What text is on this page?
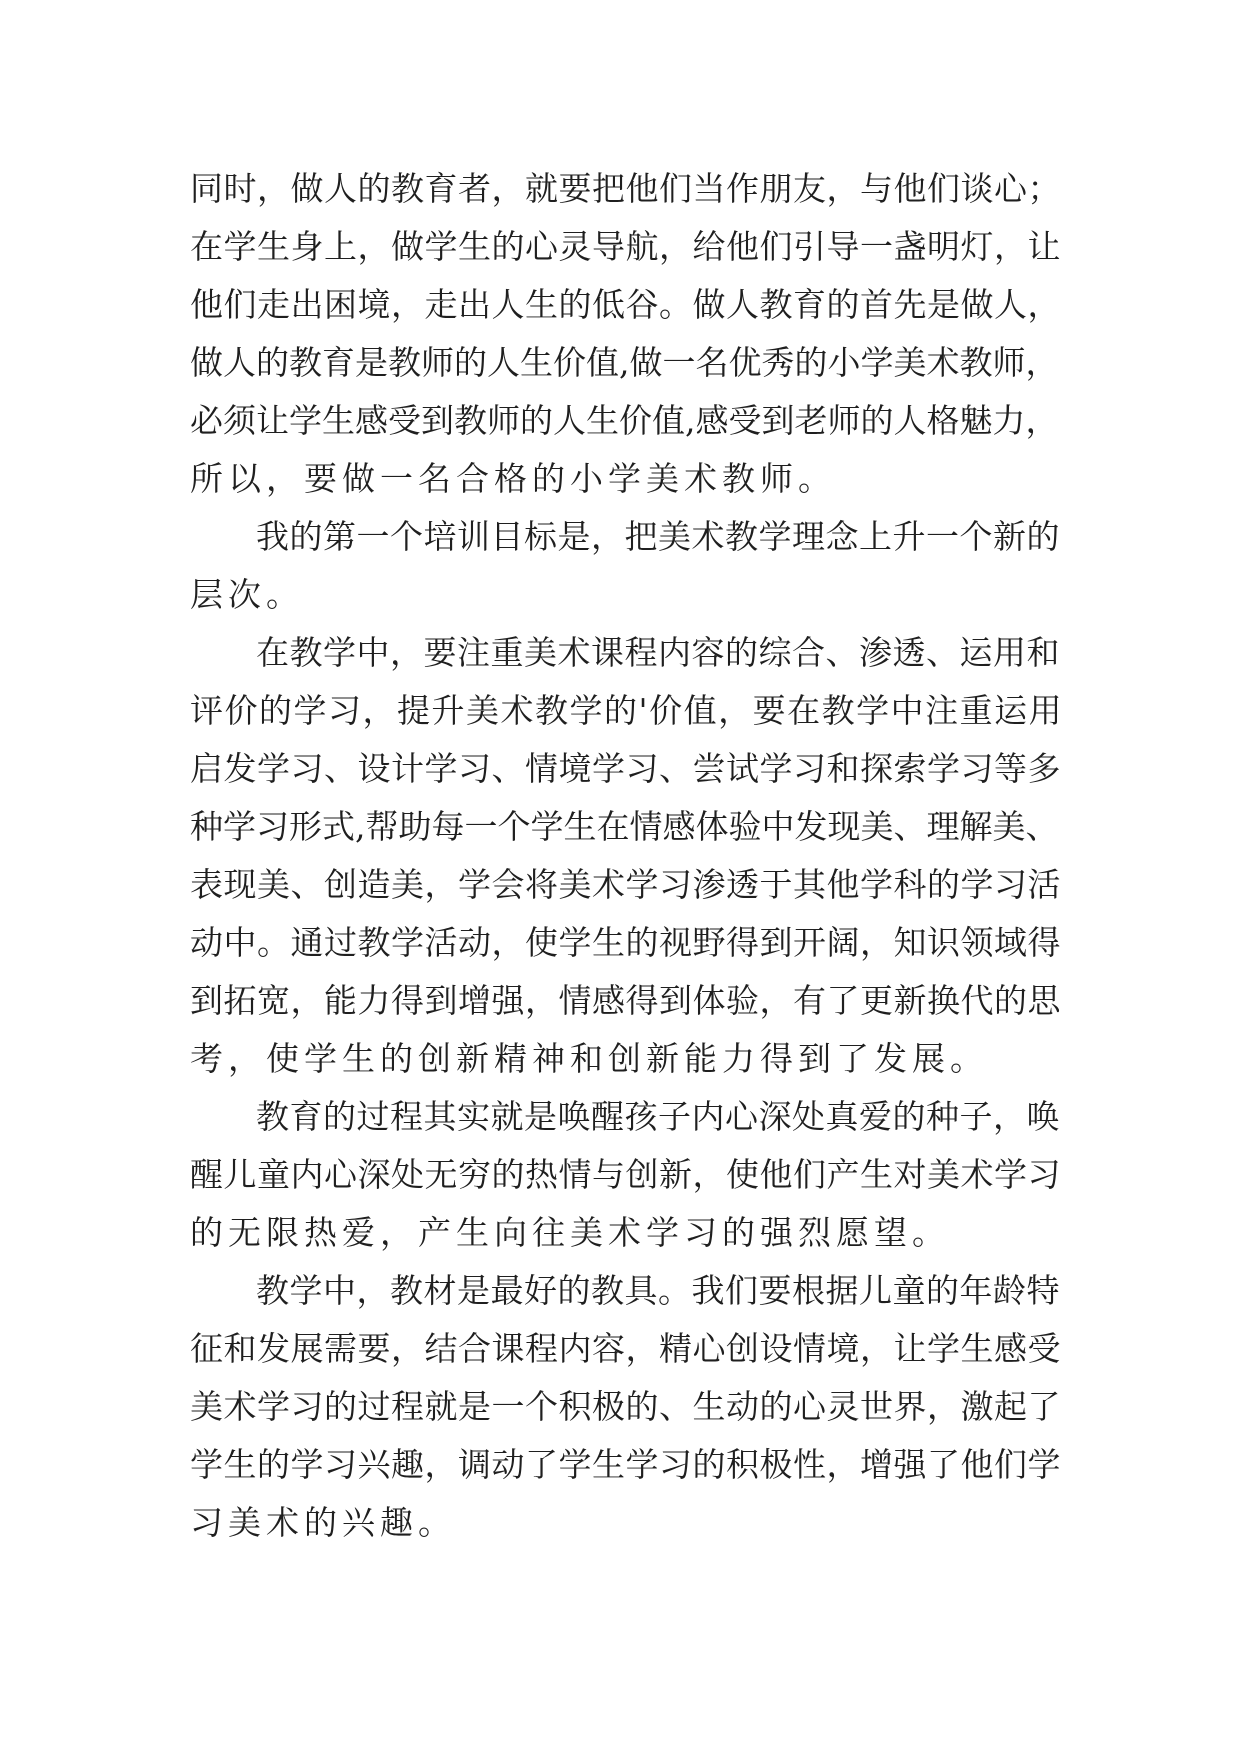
同时，做人的教育者，就要把他们当作朋友，与他们谈心；
在学生身上，做学生的心灵导航，给他们引导一盏明灯，让
他们走出困境，走出人生的低谷。做人教育的首先是做人，
做人的教育是教师的人生价值,做一名优秀的小学美术教师，
必须让学生感受到教师的人生价值,感受到老师的人格魅力，
所以，要做一名合格的小学美术教师。
我的第一个培训目标是，把美术教学理念上升一个新的
层次。
在教学中，要注重美术课程内容的综合、渗透、运用和
评价的学习，提升美术教学的'价值，要在教学中注重运用
启发学习、设计学习、情境学习、尝试学习和探索学习等多
种学习形式,帮助每一个学生在情感体验中发现美、理解美、
表现美、创造美，学会将美术学习渗透于其他学科的学习活
动中。通过教学活动，使学生的视野得到开阔，知识领域得
到拓宽，能力得到增强，情感得到体验，有了更新换代的思
考，使学生的创新精神和创新能力得到了发展。
教育的过程其实就是唤醒孩子内心深处真爱的种子，唤
醒儿童内心深处无穷的热情与创新，使他们产生对美术学习
的无限热爱，产生向往美术学习的强烈愿望。
教学中，教材是最好的教具。我们要根据儿童的年龄特
征和发展需要，结合课程内容，精心创设情境，让学生感受
美术学习的过程就是一个积极的、生动的心灵世界，激起了
学生的学习兴趣，调动了学生学习的积极性，增强了他们学
习美术的兴趣。
